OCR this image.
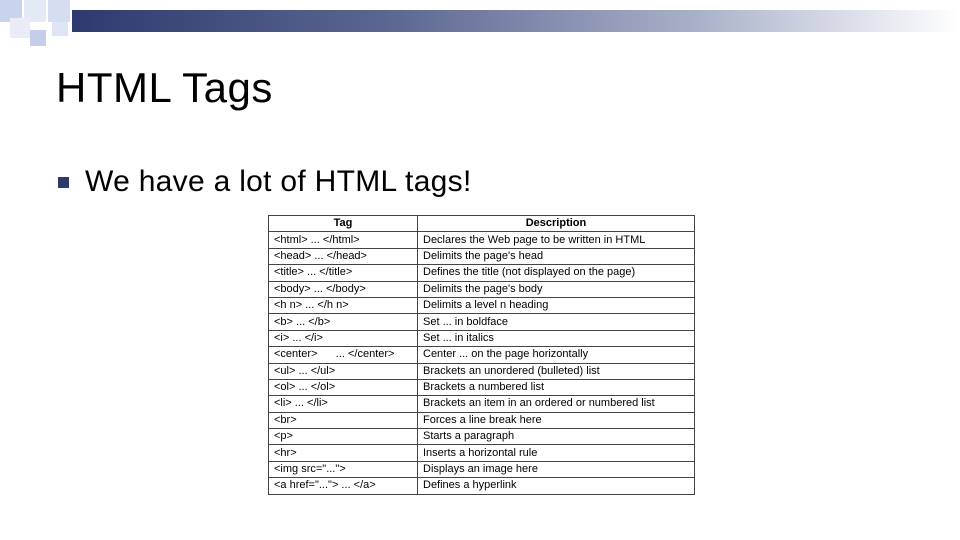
HTML Tags
We have a lot of HTML tags!
Tag	Description
<html> ... </html>	Declares the Web page to be written in HTML
<head> ... </head>	Delimits the page's head
<title> ... </title>	Defines the title (not displayed on the page)
<body> ... </body>	Delimits the page's body
<h n> ... </h n>	Delimits a level n heading
<b> ... </b>	Set ... in boldface
<i> ... </i>	Set ... in italics
<center>      ... </center>	Center ... on the page horizontally
<ul> ... </ul>	Brackets an unordered (bulleted) list
<ol> ... </ol>	Brackets a numbered list
<li> ... </li>	Brackets an item in an ordered or numbered list
<br>	Forces a line break here
<p>	Starts a paragraph
<hr>	Inserts a horizontal rule
<img src="...">	Displays an image here
<a href="..."> ... </a>	Defines a hyperlink
